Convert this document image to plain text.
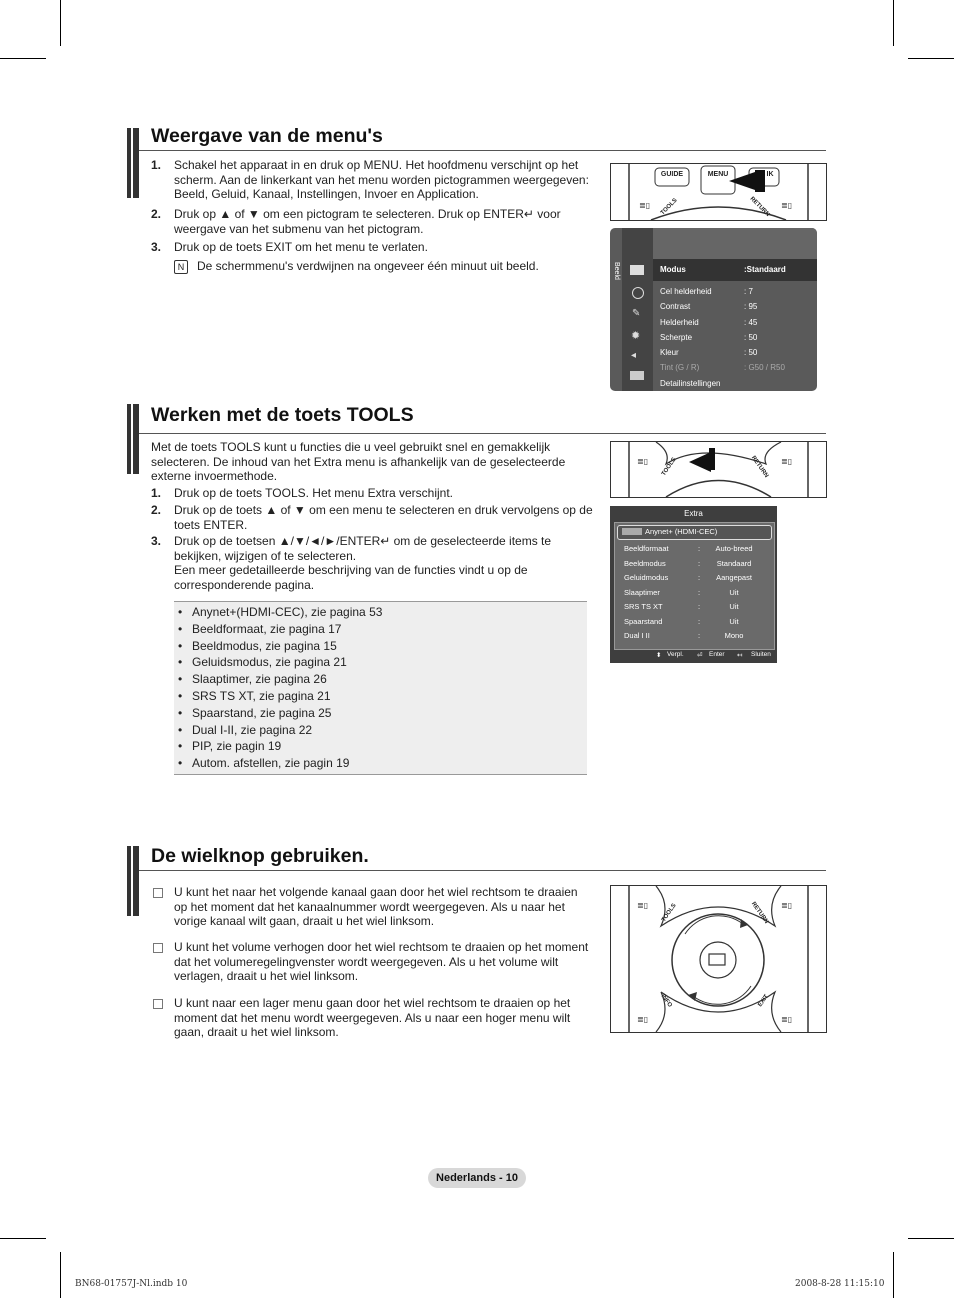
Weergave van de menu's
1. Schakel het apparaat in en druk op MENU. Het hoofdmenu verschijnt op het
scherm. Aan de linkerkant van het menu worden pictogrammen weergegeven:
Beeld, Geluid, Kanaal, Instellingen, Invoer en Application.
2. Druk op ▲ of ▼ om een pictogram te selecteren. Druk op ENTER↵ voor
weergave van het submenu van het pictogram.
3. Druk op de toets EXIT om het menu te verlaten.
N	De schermmenu's verdwijnen na ongeveer één minuut uit beeld.
≣▯	≣▯
GUIDE	MENU	IK
TOOLS	RETURN
Beeld
✎
✹
◂
Modus	:Standaard
Cel helderheid	: 7
Contrast	: 95
Helderheid	: 45
Scherpte	: 50
Kleur	: 50
Tint (G / R)	: G50 / R50
Detailinstellingen
Werken met de toets TOOLS
Met de toets TOOLS kunt u functies die u veel gebruikt snel en gemakkelijk
selecteren. De inhoud van het Extra menu is afhankelijk van de geselecteerde
externe invoermethode.
1. Druk op de toets TOOLS. Het menu Extra verschijnt.
2. Druk op de toets ▲ of ▼ om een menu te selecteren en druk vervolgens op de
toets ENTER.
3. Druk op de toetsen ▲/▼/◄/►/ENTER↵ om de geselecteerde items te
bekijken, wijzigen of te selecteren.
Een meer gedetailleerde beschrijving van de functies vindt u op de
corresponderende pagina.
• Anynet+(HDMI-CEC), zie pagina 53
• Beeldformaat, zie pagina 17
• Beeldmodus, zie pagina 15
• Geluidsmodus, zie pagina 21
• Slaaptimer, zie pagina 26
• SRS TS XT, zie pagina 21
• Spaarstand, zie pagina 25
• Dual I-II, zie pagina 22
• PIP, zie pagin 19
• Autom. afstellen, zie pagin 19
≣▯	≣▯
TOOLS	RETURN
Extra
Anynet+ (HDMI-CEC)
Beeldformaat	:	Auto-breed
Beeldmodus	:	Standaard
Geluidmodus	:	Aangepast
Slaaptimer	:	Uit
SRS TS XT	:	Uit
Spaarstand	:	Uit
Dual I II	:	Mono
⬍ Verpl. ⏎ Enter ↤ Sluiten
De wielknop gebruiken.
U kunt het naar het volgende kanaal gaan door het wiel rechtsom te draaien
op het moment dat het kanaalnummer wordt weergegeven. Als u naar het
vorige kanaal wilt gaan, draait u het wiel linksom.
U kunt het volume verhogen door het wiel rechtsom te draaien op het moment
dat het volumeregelingvenster wordt weergegeven. Als u het volume wilt
verlagen, draait u het wiel linksom.
U kunt naar een lager menu gaan door het wiel rechtsom te draaien op het
moment dat het menu wordt weergegeven. Als u naar een hoger menu wilt
gaan, draait u het wiel linksom.
≣▯	≣▯
≣▯	≣▯
TOOLS	RETURN
INFO	EXIT
Nederlands - 10
BN68-01757J-Nl.indb 10	2008-8-28 11:15:10
